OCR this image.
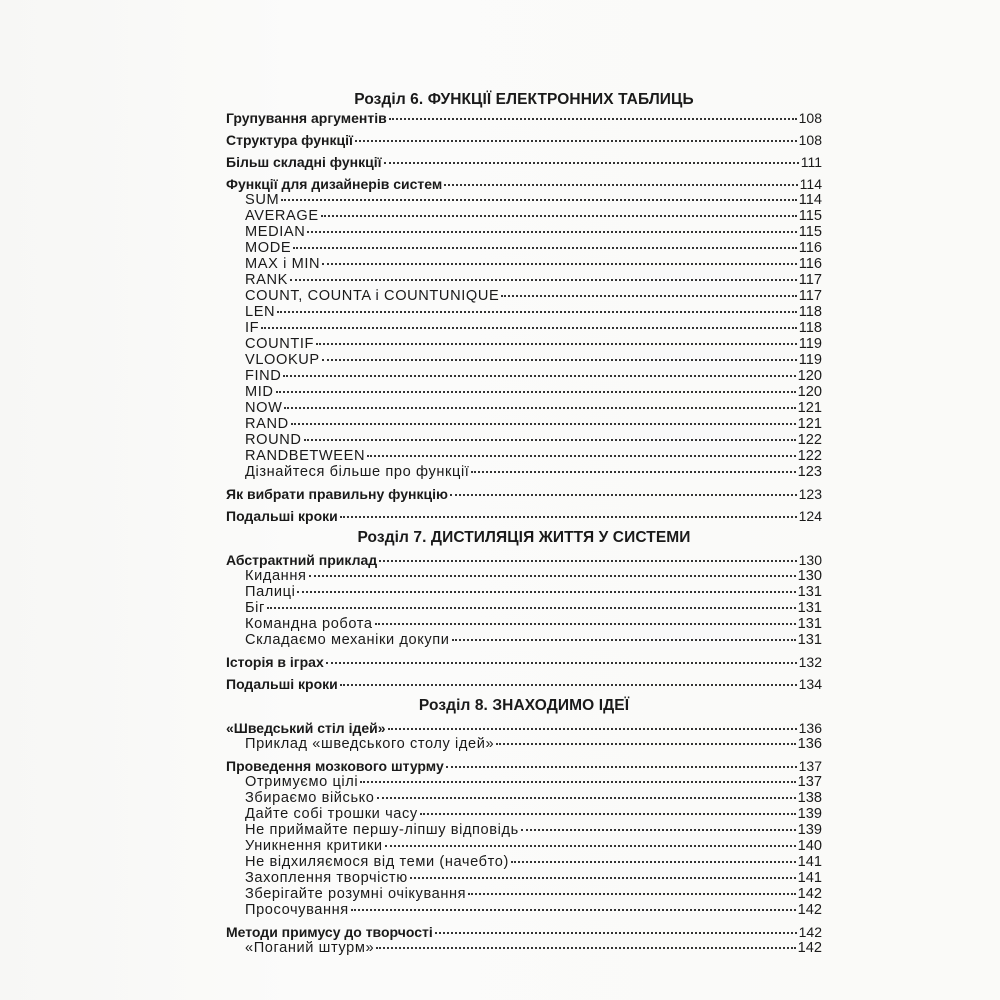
Розділ 6. ФУНКЦІЇ ЕЛЕКТРОННИХ ТАБЛИЦЬ
Групування аргументів	108
Структура функції	108
Більш складні функції	111
Функції для дизайнерів систем	114
SUM	114
AVERAGE	115
MEDIAN	115
MODE	116
MAX і MIN	116
RANK	117
COUNT, COUNTA і COUNTUNIQUE	117
LEN	118
IF	118
COUNTIF	119
VLOOKUP	119
FIND	120
MID	120
NOW	121
RAND	121
ROUND	122
RANDBETWEEN	122
Дізнайтеся більше про функції	123
Як вибрати правильну функцію	123
Подальші кроки	124
Розділ 7. ДИСТИЛЯЦІЯ ЖИТТЯ У СИСТЕМИ
Абстрактний приклад	130
Кидання	130
Палиці	131
Біг	131
Командна робота	131
Складаємо механіки докупи	131
Історія в іграх	132
Подальші кроки	134
Розділ 8. ЗНАХОДИМО ІДЕЇ
«Шведський стіл ідей»	136
Приклад «шведського столу ідей»	136
Проведення мозкового штурму	137
Отримуємо цілі	137
Збираємо військо	138
Дайте собі трошки часу	139
Не приймайте першу-ліпшу відповідь	139
Уникнення критики	140
Не відхиляємося від теми (начебто)	141
Захоплення творчістю	141
Зберігайте розумні очікування	142
Просочування	142
Методи примусу до творчості	142
«Поганий штурм»	142
